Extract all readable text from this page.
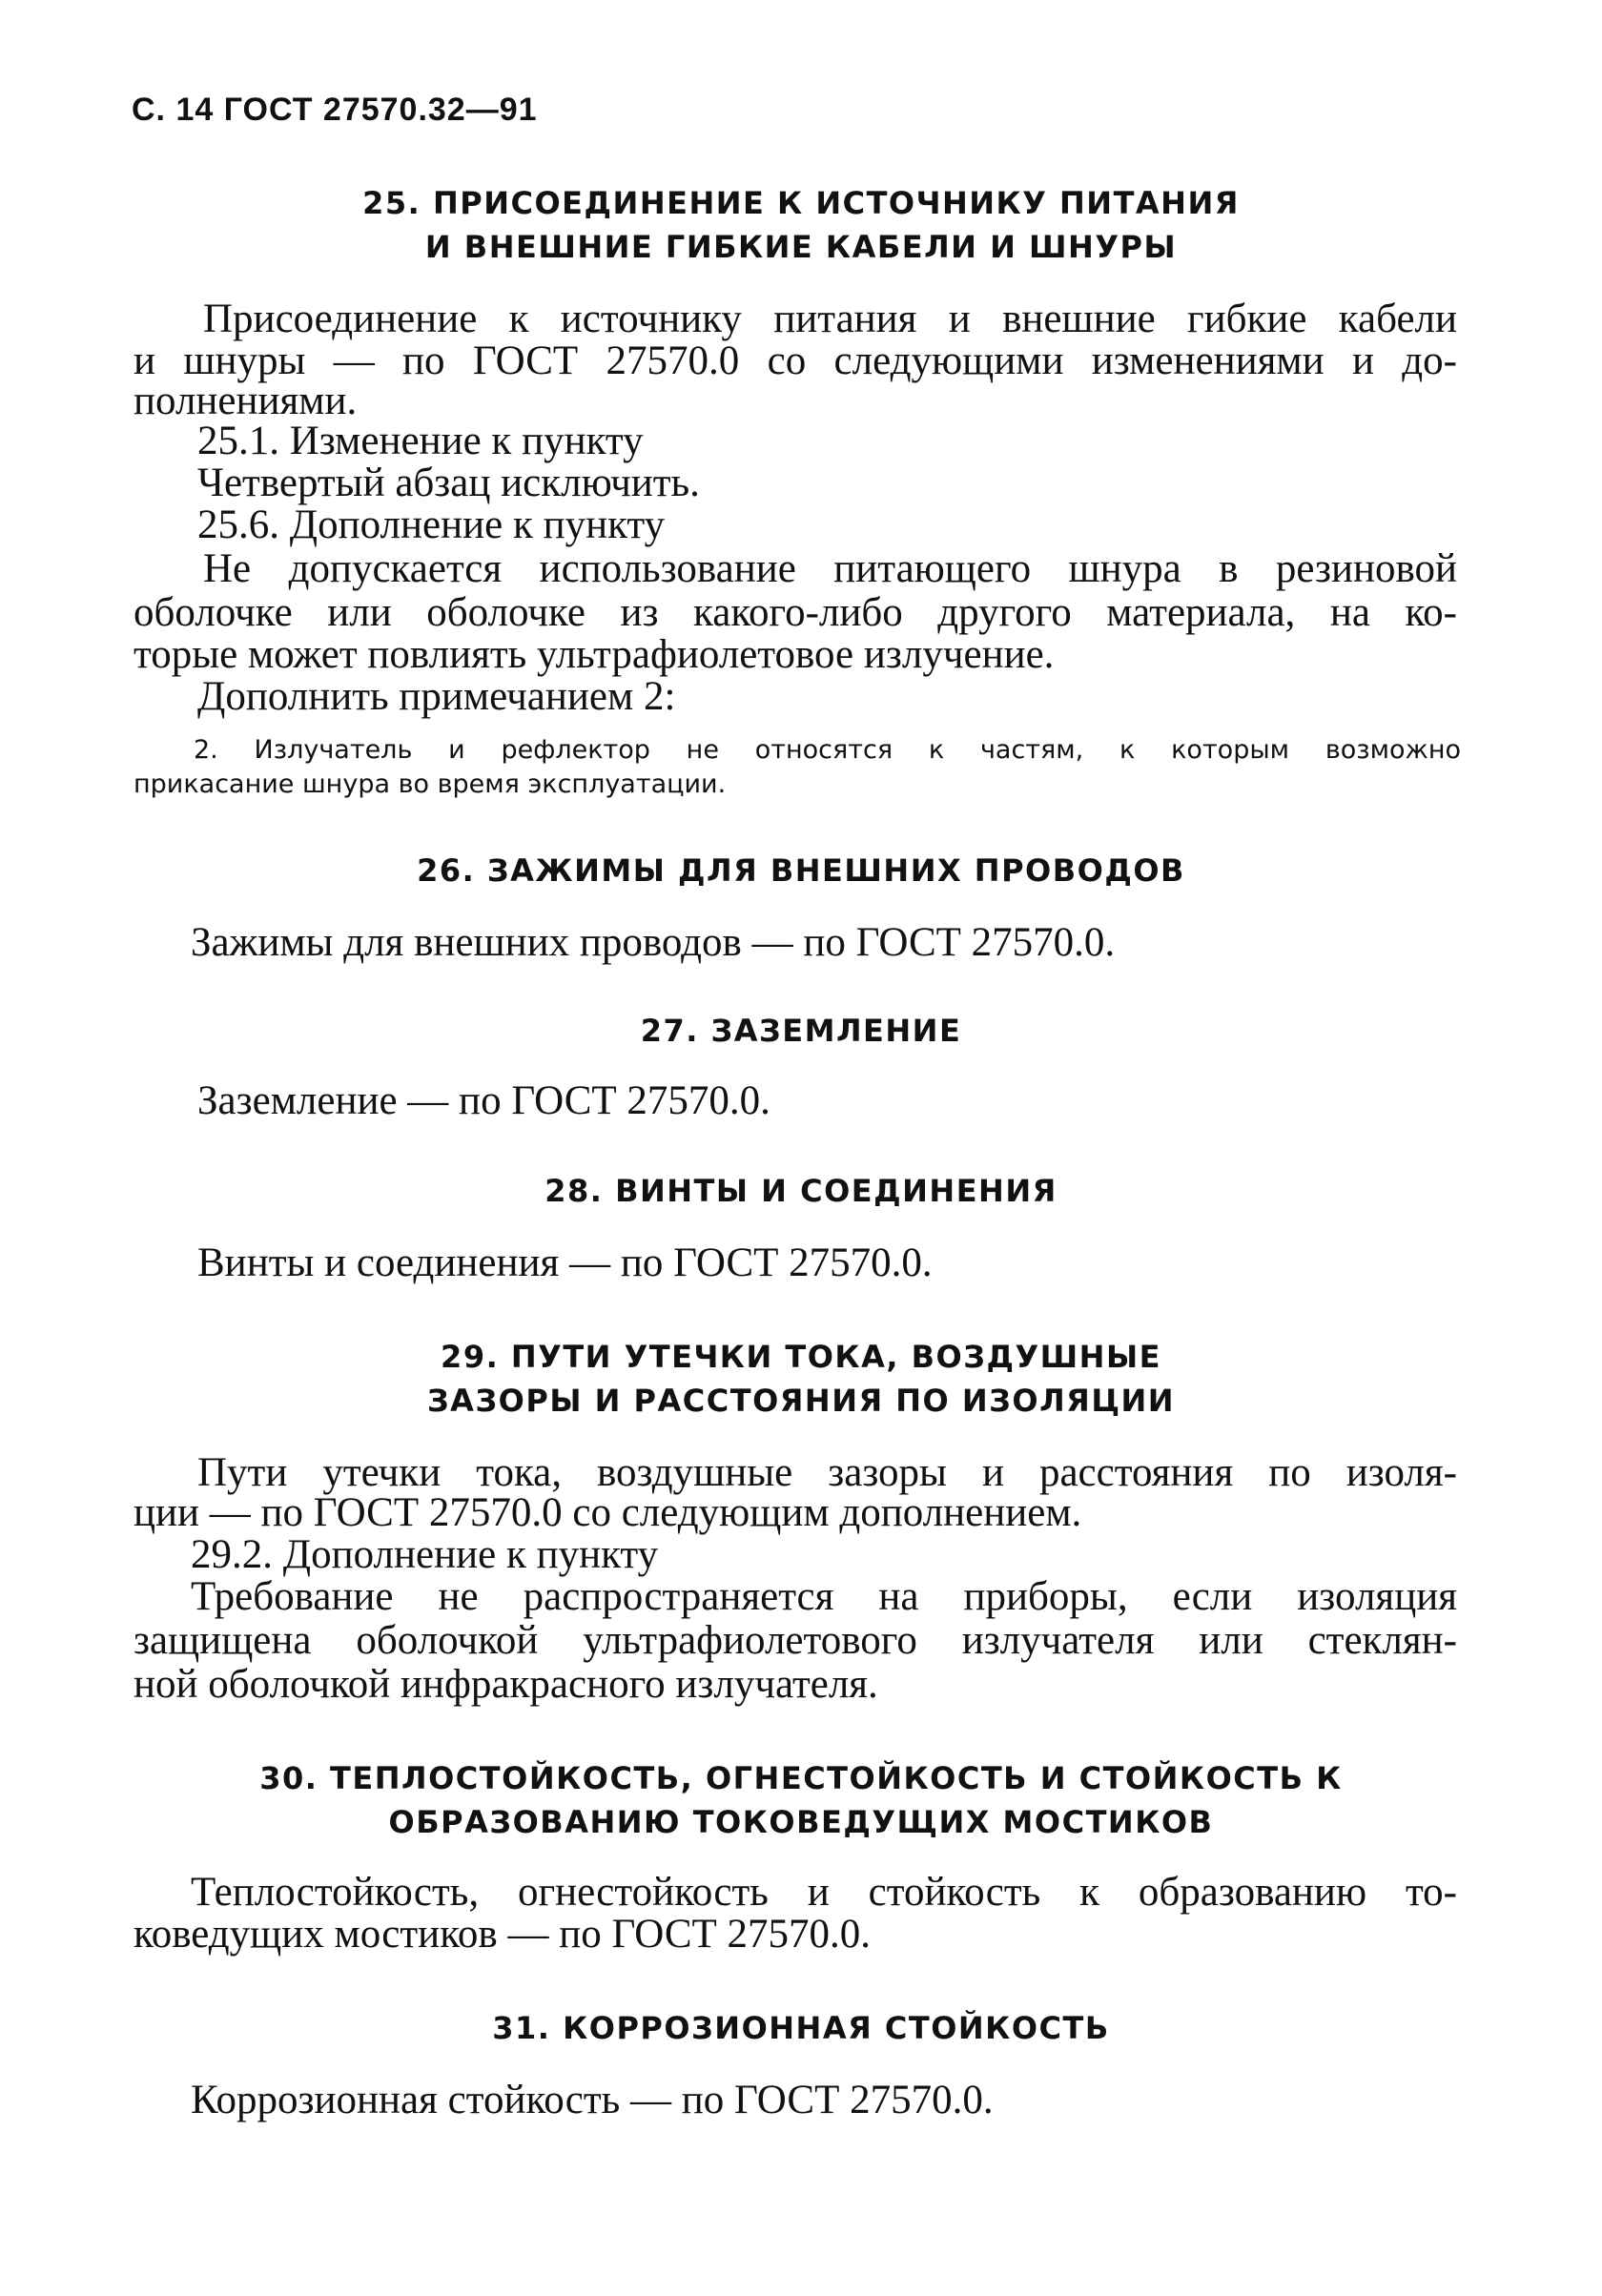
С. 14 ГОСТ 27570.32—91
25. ПРИСОЕДИНЕНИЕ К ИСТОЧНИКУ ПИТАНИЯ
И ВНЕШНИЕ ГИБКИЕ КАБЕЛИ И ШНУРЫ
Присоединение к источнику питания и внешние гибкие кабели
и шнуры — по ГОСТ 27570.0 со следующими изменениями и до-
полнениями.
25.1. Изменение к пункту
Четвертый абзац исключить.
25.6. Дополнение к пункту
Не допускается использование питающего шнура в резиновой
оболочке или оболочке из какого-либо другого материала, на ко-
торые может повлиять ультрафиолетовое излучение.
Дополнить примечанием 2:
2. Излучатель и рефлектор не относятся к частям, к которым возможно
прикасание шнура во время эксплуатации.
26. ЗАЖИМЫ ДЛЯ ВНЕШНИХ ПРОВОДОВ
Зажимы для внешних проводов — по ГОСТ 27570.0.
27. ЗАЗЕМЛЕНИЕ
Заземление — по ГОСТ 27570.0.
28. ВИНТЫ И СОЕДИНЕНИЯ
Винты и соединения — по ГОСТ 27570.0.
29. ПУТИ УТЕЧКИ ТОКА, ВОЗДУШНЫЕ
ЗАЗОРЫ И РАССТОЯНИЯ ПО ИЗОЛЯЦИИ
Пути утечки тока, воздушные зазоры и расстояния по изоля-
ции — по ГОСТ 27570.0 со следующим дополнением.
29.2. Дополнение к пункту
Требование не распространяется на приборы, если изоляция
защищена оболочкой ультрафиолетового излучателя или стеклян-
ной оболочкой инфракрасного излучателя.
30. ТЕПЛОСТОЙКОСТЬ, ОГНЕСТОЙКОСТЬ И СТОЙКОСТЬ К
ОБРАЗОВАНИЮ ТОКОВЕДУЩИХ МОСТИКОВ
Теплостойкость, огнестойкость и стойкость к образованию то-
коведущих мостиков — по ГОСТ 27570.0.
31. КОРРОЗИОННАЯ СТОЙКОСТЬ
Коррозионная стойкость — по ГОСТ 27570.0.
